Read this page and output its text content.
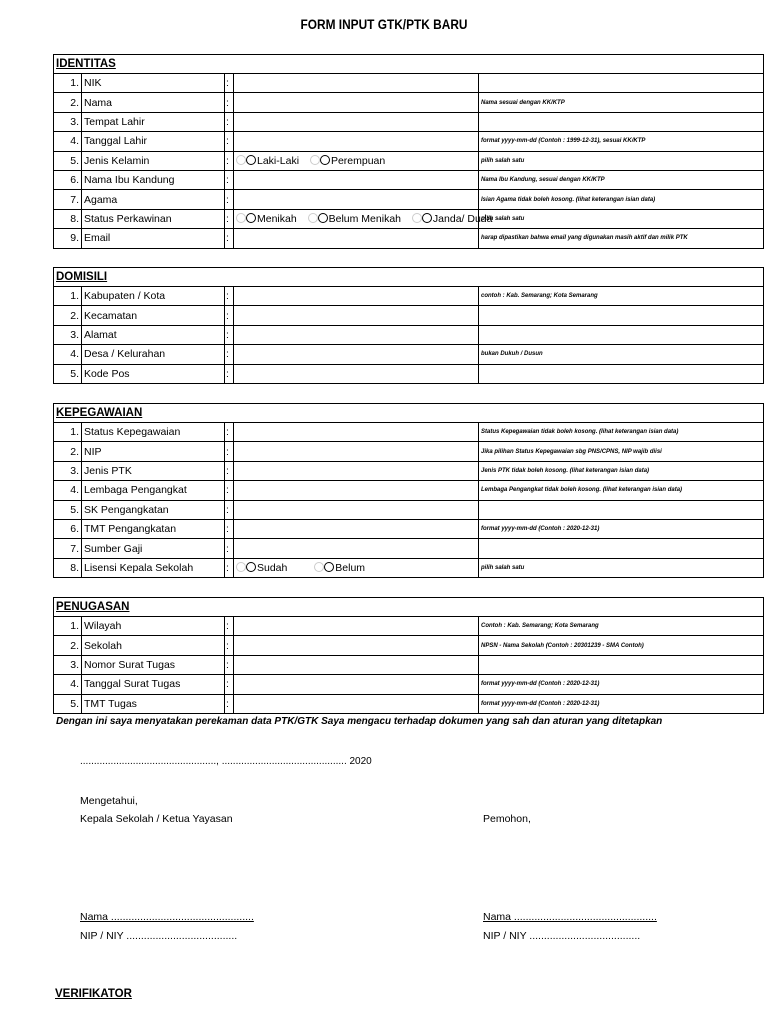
FORM INPUT GTK/PTK BARU
IDENTITAS
1.	NIK	:		
2.	Nama	:		Nama sesuai dengan KK/KTP
3.	Tempat Lahir	:		
4.	Tanggal Lahir	:		format yyyy-mm-dd (Contoh : 1999-12-31), sesuai KK/KTP
5.	Jenis Kelamin	:	Laki-Laki Perempuan	pilih salah satu
6.	Nama Ibu Kandung	:		Nama Ibu Kandung, sesuai dengan KK/KTP
7.	Agama	:		Isian Agama tidak boleh kosong. (lihat keterangan isian data)
8.	Status Perkawinan	:	Menikah Belum Menikah Janda/ Duda	pilih salah satu
9.	Email	:		harap dipastikan bahwa email yang digunakan masih aktif dan milik PTK
DOMISILI
1.	Kabupaten / Kota	:		contoh : Kab. Semarang; Kota Semarang
2.	Kecamatan	:		
3.	Alamat	:		
4.	Desa / Kelurahan	:		bukan Dukuh / Dusun
5.	Kode Pos	:		
KEPEGAWAIAN
1.	Status Kepegawaian	:		Status Kepegawaian tidak boleh kosong. (lihat keterangan isian data)
2.	NIP	:		Jika pilihan Status Kepegawaian sbg PNS/CPNS, NIP wajib diisi
3.	Jenis PTK	:		Jenis PTK tidak boleh kosong. (lihat keterangan isian data)
4.	Lembaga Pengangkat	:		Lembaga Pengangkat tidak boleh kosong. (lihat keterangan isian data)
5.	SK Pengangkatan	:		
6.	TMT Pengangkatan	:		format yyyy-mm-dd (Contoh : 2020-12-31)
7.	Sumber Gaji	:		
8.	Lisensi Kepala Sekolah	:	Sudah Belum	pilih salah satu
PENUGASAN
1.	Wilayah	:		Contoh : Kab. Semarang; Kota Semarang
2.	Sekolah	:		NPSN - Nama Sekolah (Contoh : 20301239 - SMA Contoh)
3.	Nomor Surat Tugas	:		
4.	Tanggal Surat Tugas	:		format yyyy-mm-dd (Contoh : 2020-12-31)
5.	TMT Tugas	:		format yyyy-mm-dd (Contoh : 2020-12-31)
Dengan ini saya menyatakan perekaman data PTK/GTK Saya mengacu terhadap dokumen yang sah dan aturan yang ditetapkan
................................................., ............................................. 2020
Mengetahui,
Kepala Sekolah / Ketua Yayasan	Pemohon,
Nama .................................................
NIP / NIY ......................................
Nama .................................................
NIP / NIY ......................................
VERIFIKATOR
